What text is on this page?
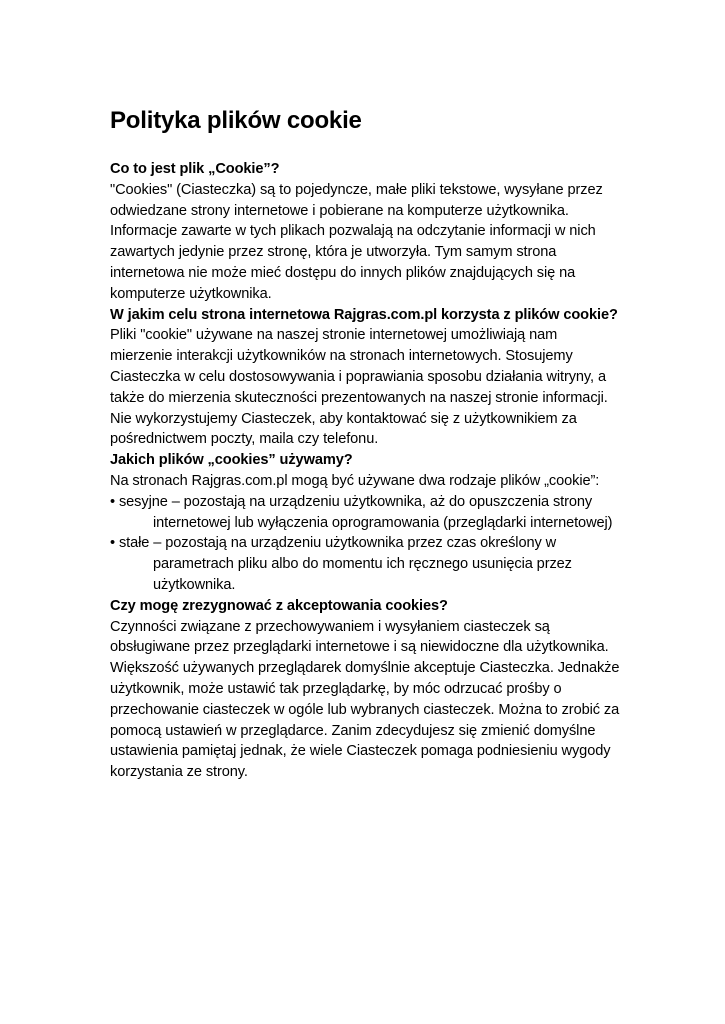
Polityka plików cookie

Co to jest plik „Cookie”?

"Cookies" (Ciasteczka) są to pojedyncze, małe pliki tekstowe, wysyłane przez odwiedzane strony internetowe i pobierane na komputerze użytkownika. Informacje zawarte w tych plikach pozwalają na odczytanie informacji w nich zawartych jedynie przez stronę, która je utworzyła. Tym samym strona internetowa nie może mieć dostępu do innych plików znajdujących się na komputerze użytkownika.

W jakim celu strona internetowa Rajgras.com.pl korzysta z plików cookie?

Pliki "cookie" używane na naszej stronie internetowej umożliwiają nam mierzenie interakcji użytkowników na stronach internetowych. Stosujemy Ciasteczka w celu dostosowywania i poprawiania sposobu działania witryny, a także do mierzenia skuteczności prezentowanych na naszej stronie informacji. Nie wykorzystujemy Ciasteczek, aby kontaktować się z użytkownikiem za pośrednictwem poczty, maila czy telefonu.

Jakich plików „cookies” używamy?

Na stronach Rajgras.com.pl mogą być używane dwa rodzaje plików „cookie”:

• sesyjne – pozostają na urządzeniu użytkownika, aż do opuszczenia strony internetowej lub wyłączenia oprogramowania (przeglądarki internetowej)

• stałe – pozostają na urządzeniu użytkownika przez czas określony w parametrach pliku albo do momentu ich ręcznego usunięcia przez użytkownika.

Czy mogę zrezygnować z akceptowania cookies?

Czynności związane z przechowywaniem i wysyłaniem ciasteczek są obsługiwane przez przeglądarki internetowe i są niewidoczne dla użytkownika. Większość używanych przeglądarek domyślnie akceptuje Ciasteczka. Jednakże użytkownik, może ustawić tak przeglądarkę, by móc odrzucać prośby o przechowanie ciasteczek w ogóle lub wybranych ciasteczek. Można to zrobić za pomocą ustawień w przeglądarce. Zanim zdecydujesz się zmienić domyślne ustawienia pamiętaj jednak, że wiele Ciasteczek pomaga podniesieniu wygody korzystania ze strony.
